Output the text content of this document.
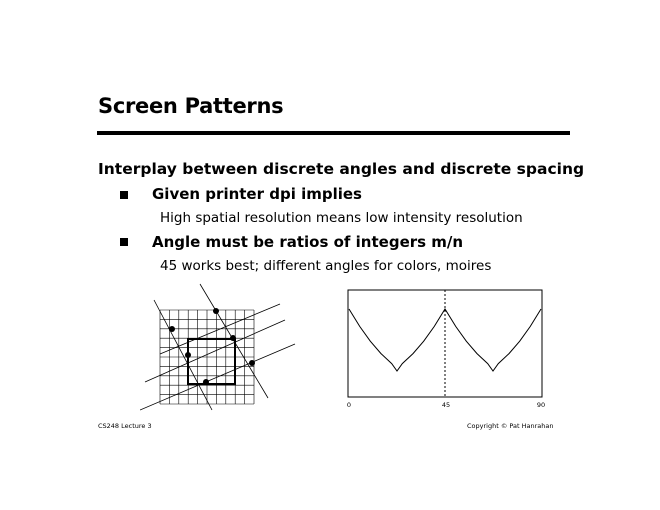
Screen Patterns
Interplay between discrete angles and discrete spacing
Given printer dpi implies
High spatial resolution means low intensity resolution
Angle must be ratios of integers m/n
45 works best; different angles for colors, moires
0	45	90
CS248 Lecture 3	Copyright © Pat Hanrahan
